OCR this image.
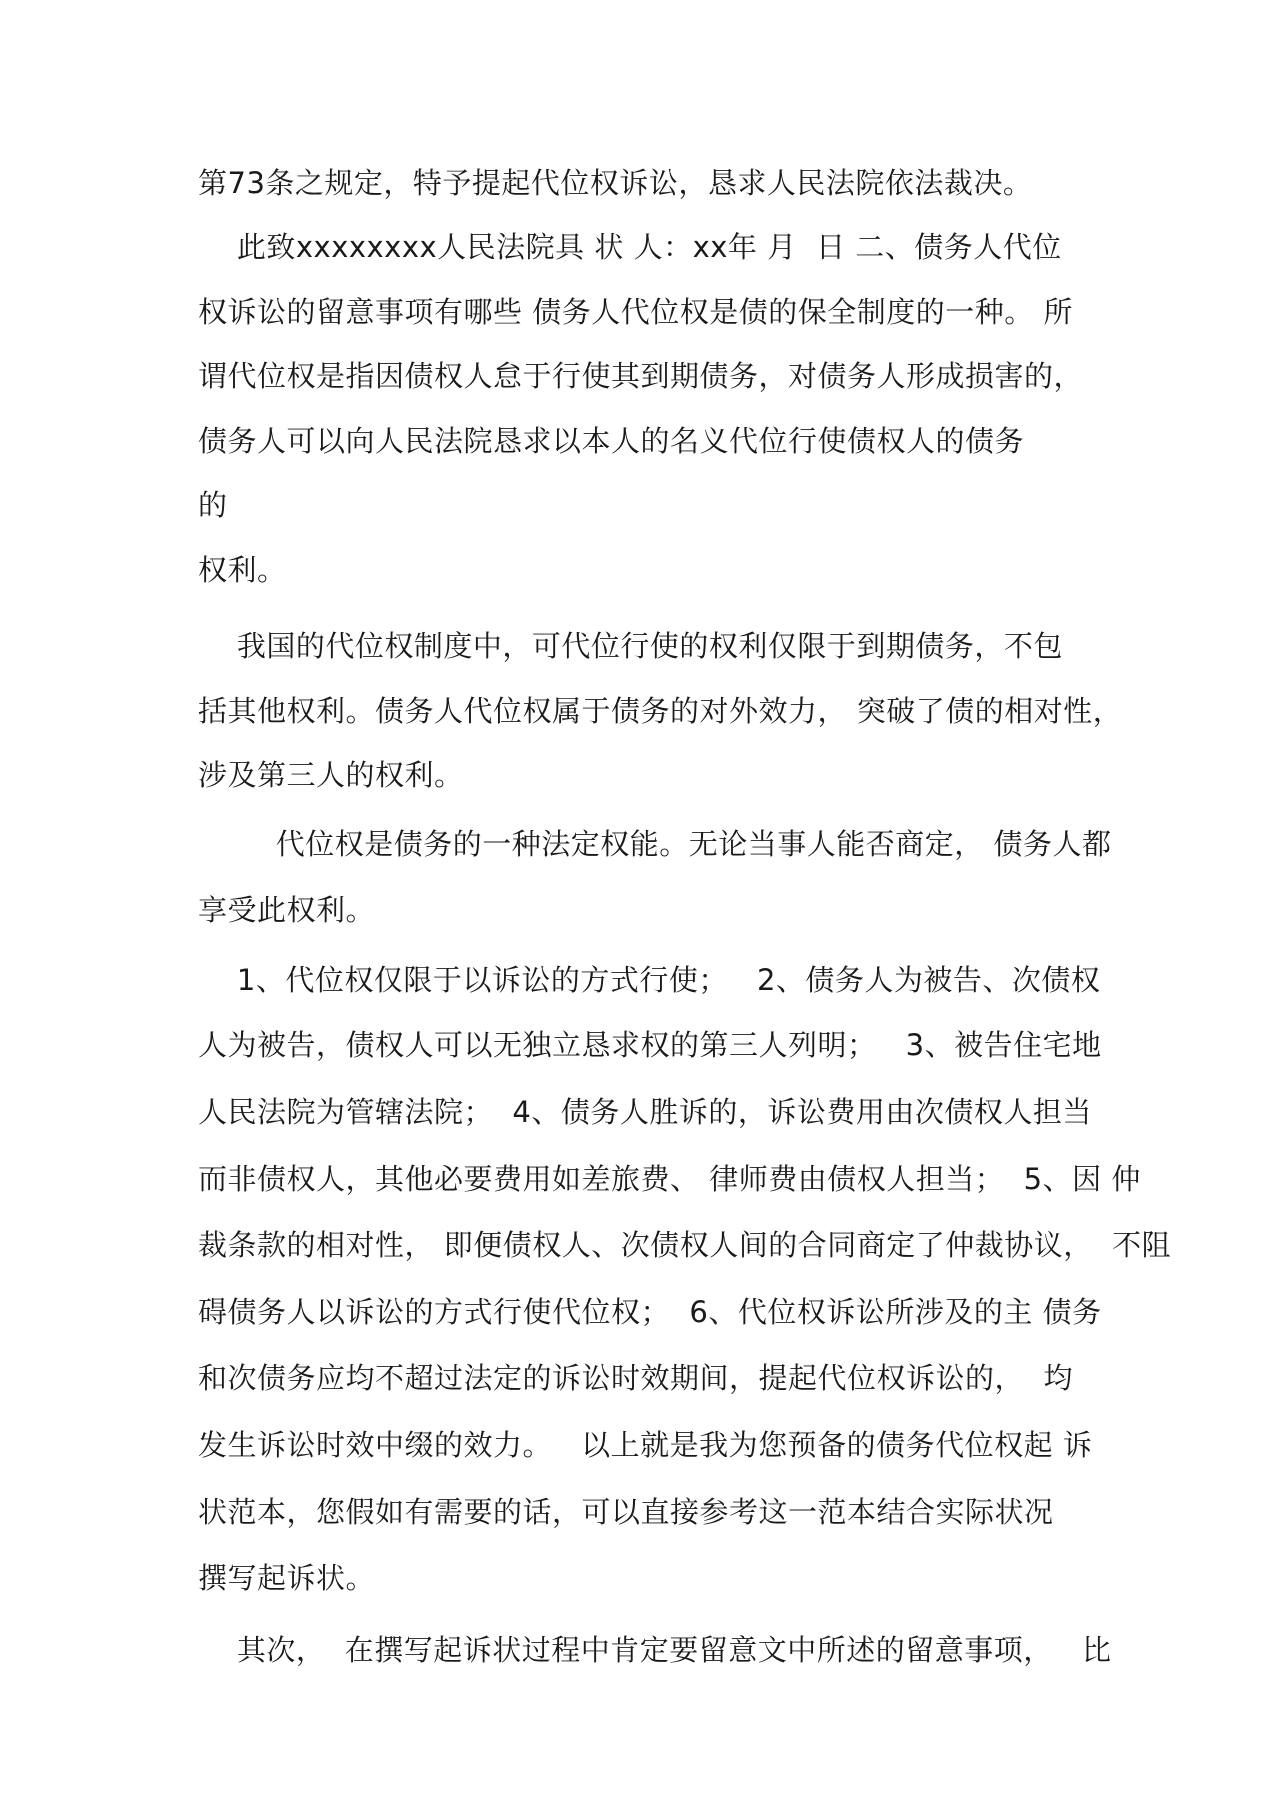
第73条之规定，特予提起代位权诉讼，恳求人民法院依法裁决。
此致xxxxxxxx人民法院具 状 人：xx年 月  日 二、债务人代位
权诉讼的留意事项有哪些 债务人代位权是债的保全制度的一种。 所
谓代位权是指因债权人怠于行使其到期债务，对债务人形成损害的，
债务人可以向人民法院恳求以本人的名义代位行使债权人的债务
的
权利。
我国的代位权制度中，可代位行使的权利仅限于到期债务，不包
括其他权利。债务人代位权属于债务的对外效力， 突破了债的相对性，
涉及第三人的权利。
代位权是债务的一种法定权能。无论当事人能否商定， 债务人都
享受此权利。
1、代位权仅限于以诉讼的方式行使；   2、债务人为被告、次债权
人为被告，债权人可以无独立恳求权的第三人列明；   3、被告住宅地
人民法院为管辖法院；  4、债务人胜诉的，诉讼费用由次债权人担当
而非债权人，其他必要费用如差旅费、 律师费由债权人担当；  5、因 仲
裁条款的相对性， 即便债权人、次债权人间的合同商定了仲裁协议，  不阻
碍债务人以诉讼的方式行使代位权；  6、代位权诉讼所涉及的主 债务
和次债务应均不超过法定的诉讼时效期间，提起代位权诉讼的，  均
发生诉讼时效中缀的效力。   以上就是我为您预备的债务代位权起 诉
状范本，您假如有需要的话，可以直接参考这一范本结合实际状况
撰写起诉状。
其次，  在撰写起诉状过程中肯定要留意文中所述的留意事项，   比
